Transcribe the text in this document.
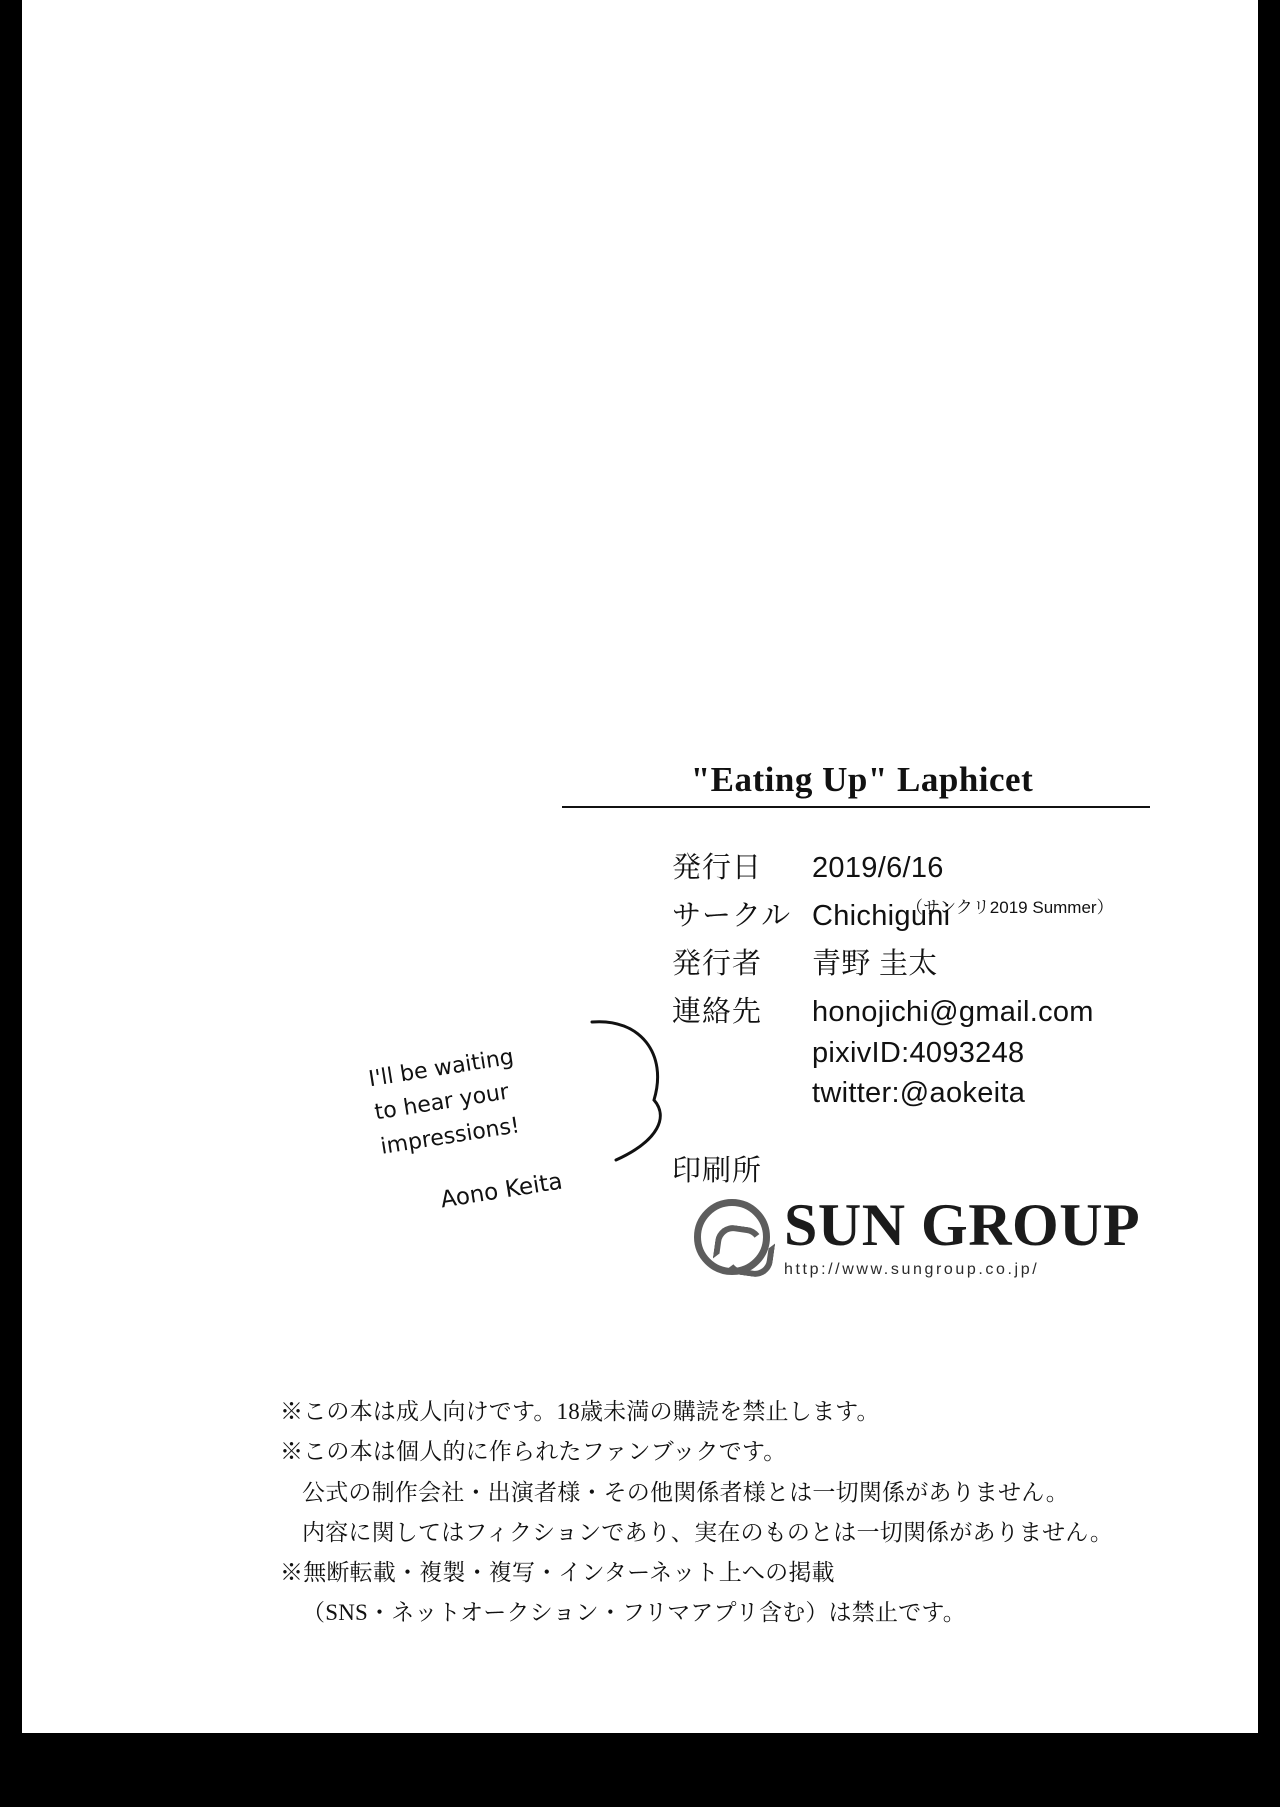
"Eating Up" Laphicet
発行日	2019/6/16
サークル Chichiguni
発行者	青野 圭太
連絡先	honojichi@gmail.com
pixivID:4093248
twitter:@aokeita
（サンクリ2019 Summer）
印刷所
SUN GROUP
http://www.sungroup.co.jp/
I'll be waiting
to hear your
impressions!
Aono Keita
※この本は成人向けです。18歳未満の購読を禁止します。
※この本は個人的に作られたファンブックです。
公式の制作会社・出演者様・その他関係者様とは一切関係がありません。
内容に関してはフィクションであり、実在のものとは一切関係がありません。
※無断転載・複製・複写・インターネット上への掲載
（SNS・ネットオークション・フリマアプリ含む）は禁止です。
